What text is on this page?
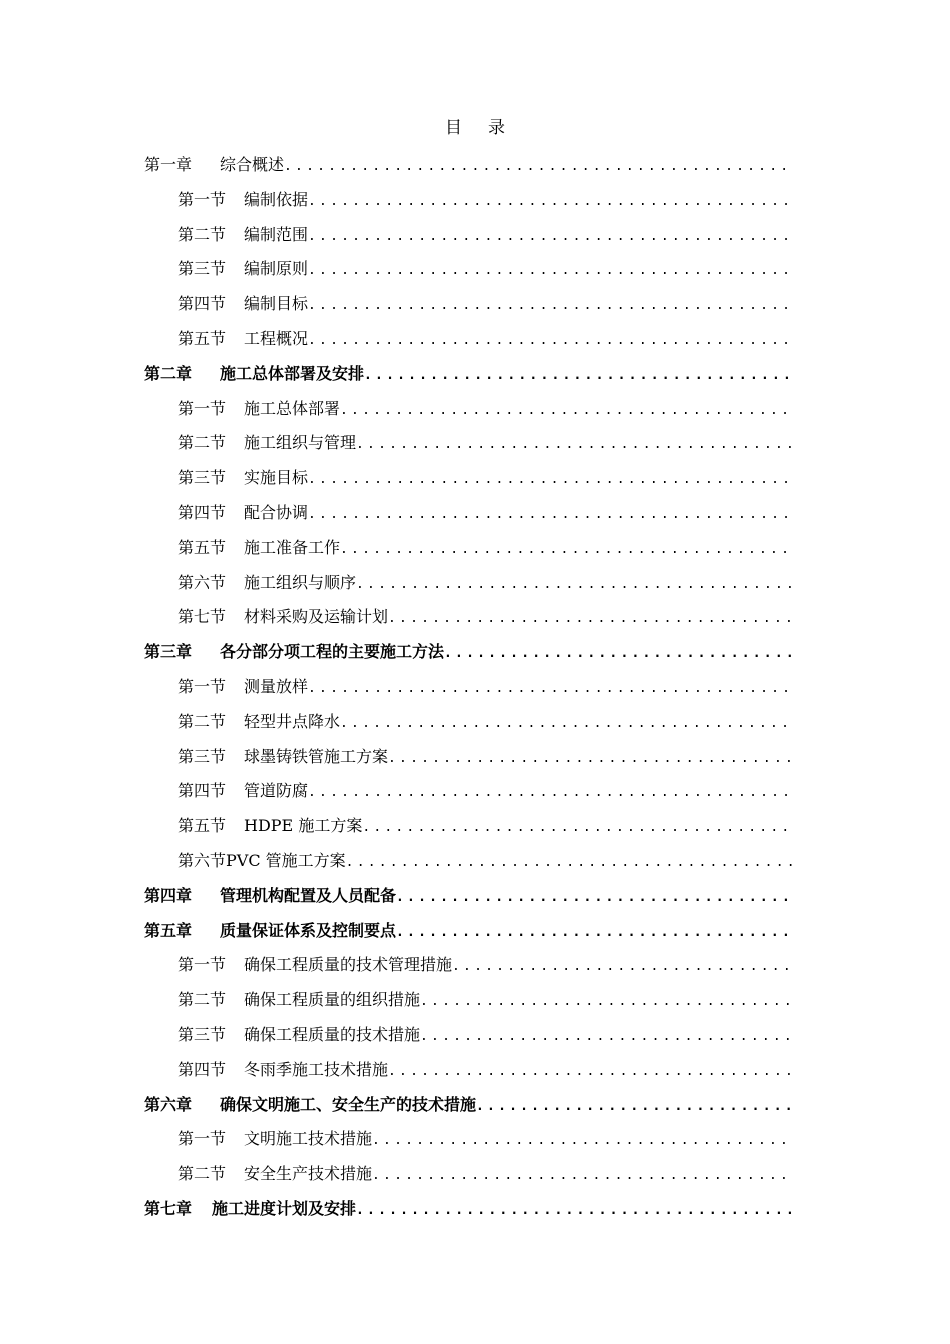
目 录
第一章 综合概述
.....
第一节 编制依据
.....
第二节 编制范围
.....
第三节 编制原则
.....
第四节 编制目标
.....
第五节 工程概况
.....
第二章 施工总体部署及安排
.....
第一节 施工总体部署
.....
第二节 施工组织与管理
.....
第三节 实施目标
.....
第四节 配合协调
.....
第五节 施工准备工作
.....
第六节 施工组织与顺序
.....
第七节 材料采购及运输计划
.....
第三章 各分部分项工程的主要施工方法
.....
第一节 测量放样
.....
第二节 轻型井点降水
.....
第三节 球墨铸铁管施工方案
.....
第四节 管道防腐
.....
第五节 HDPE 施工方案
.....
第六节PVC 管施工方案
.....
第四章 管理机构配置及人员配备
.....
第五章 质量保证体系及控制要点
.....
第一节 确保工程质量的技术管理措施
.....
第二节 确保工程质量的组织措施
.....
第三节 确保工程质量的技术措施
.....
第四节 冬雨季施工技术措施
.....
第六章 确保文明施工、安全生产的技术措施
.....
第一节 文明施工技术措施
.....
第二节 安全生产技术措施
.....
第七章 施工进度计划及安排
.....
